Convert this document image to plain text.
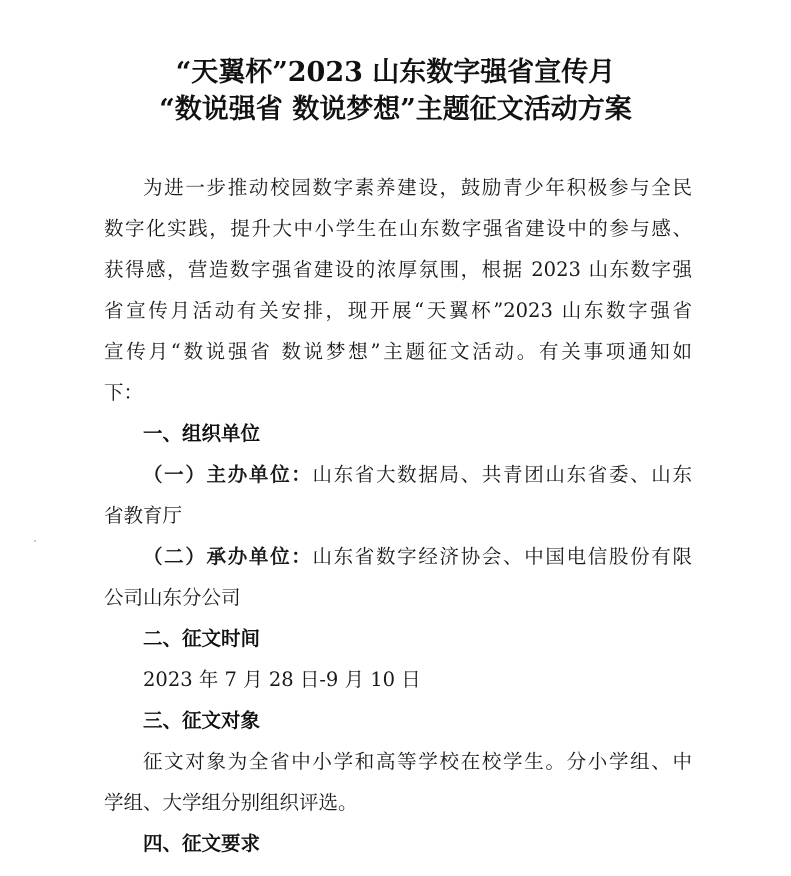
“天翼杯”2023 山东数字强省宣传月
“数说强省 数说梦想”主题征文活动方案
为进一步推动校园数字素养建设，鼓励青少年积极参与全民
数字化实践，提升大中小学生在山东数字强省建设中的参与感、
获得感，营造数字强省建设的浓厚氛围，根据 2023 山东数字强
省宣传月活动有关安排，现开展“天翼杯”2023 山东数字强省
宣传月“数说强省 数说梦想”主题征文活动。有关事项通知如
下：
一、组织单位
（一）主办单位：山东省大数据局、共青团山东省委、山东
省教育厅
（二）承办单位：山东省数字经济协会、中国电信股份有限
公司山东分公司
二、征文时间
2023 年 7 月 28 日-9 月 10 日
三、征文对象
征文对象为全省中小学和高等学校在校学生。分小学组、中
学组、大学组分别组织评选。
四、征文要求
